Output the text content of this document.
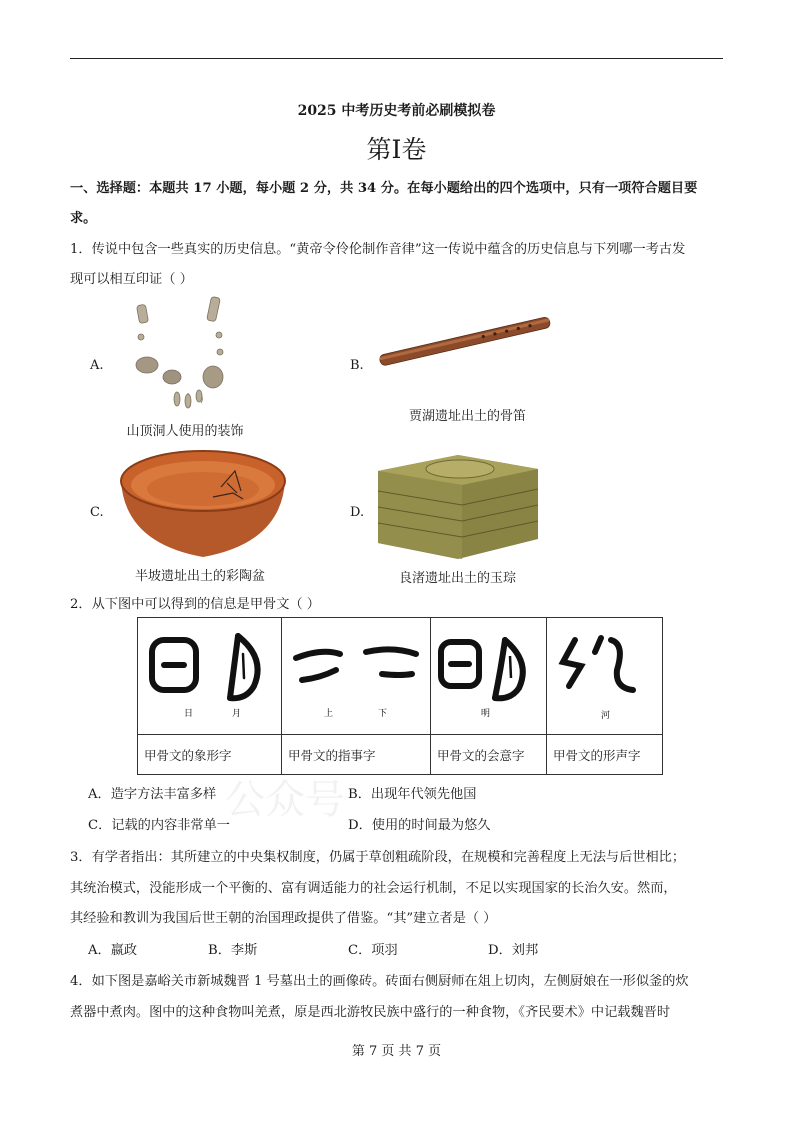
2025 中考历史考前必刷模拟卷
第I卷
一、选择题：本题共 17 小题，每小题 2 分，共 34 分。在每小题给出的四个选项中，只有一项符合题目要
求。
1．传说中包含一些真实的历史信息。“黄帝令伶伦制作音律”这一传说中蕴含的历史信息与下列哪一考古发
现可以相互印证（ ）
A.
山顶洞人使用的装饰
B.
贾湖遗址出土的骨笛
C.
半坡遗址出土的彩陶盆
D.
良渚遗址出土的玉琮
2．从下图中可以得到的信息是甲骨文（ ）
日 月	上 下	明	河

甲骨文的象形字	甲骨文的指事字	甲骨文的会意字	甲骨文的形声字
公众号
A．造字方法丰富多样	B．出现年代领先他国
C．记载的内容非常单一	D．使用的时间最为悠久
3．有学者指出：其所建立的中央集权制度，仍属于草创粗疏阶段，在规模和完善程度上无法与后世相比；
其统治模式，没能形成一个平衡的、富有调适能力的社会运行机制，不足以实现国家的长治久安。然而，
其经验和教训为我国后世王朝的治国理政提供了借鉴。“其”建立者是（ ）
A．嬴政	B．李斯	C．项羽	D．刘邦
4．如下图是嘉峪关市新城魏晋 1 号墓出土的画像砖。砖面右侧厨师在俎上切肉，左侧厨娘在一形似釜的炊
煮器中煮肉。图中的这种食物叫羌煮，原是西北游牧民族中盛行的一种食物，《齐民要术》中记载魏晋时
第 7 页 共 7 页
